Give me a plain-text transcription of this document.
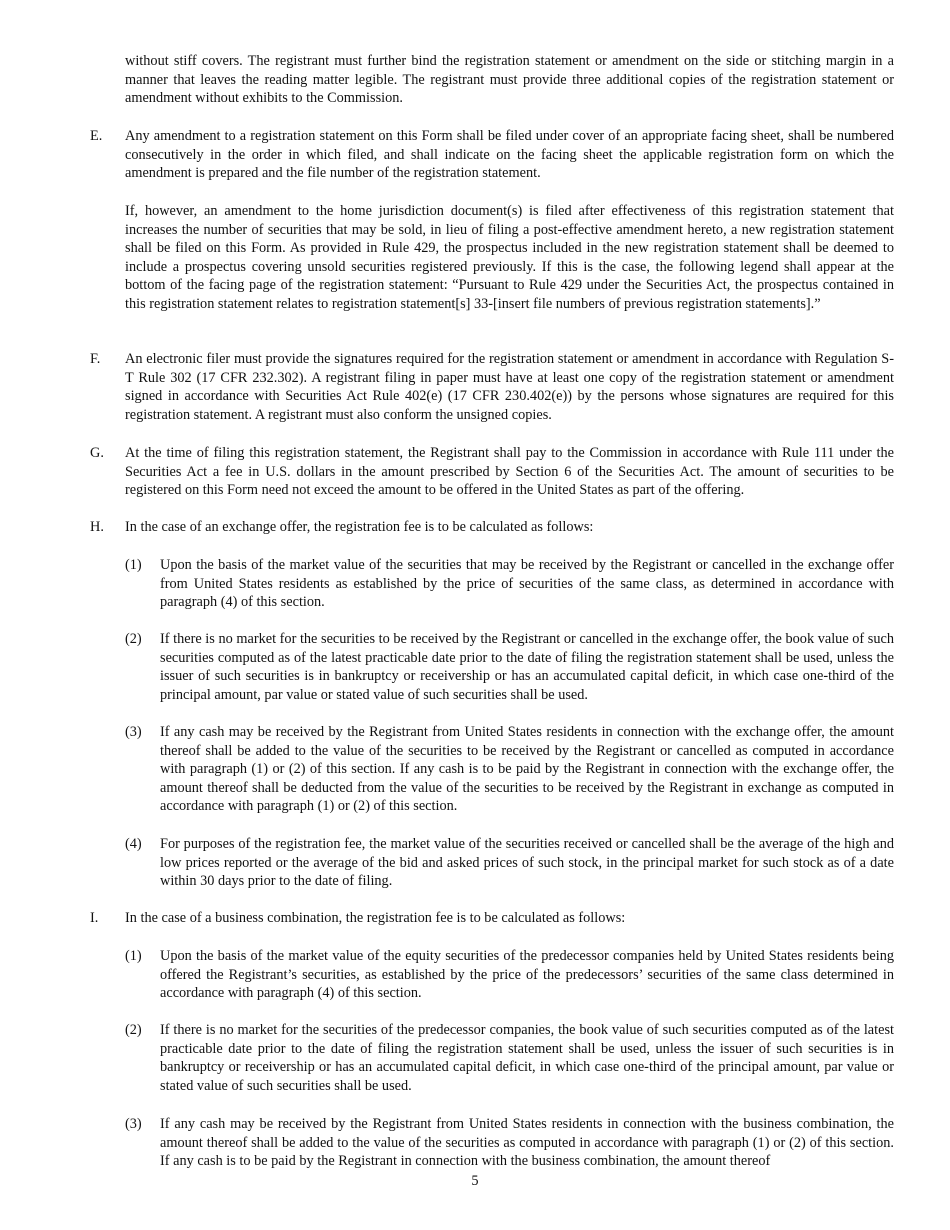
without stiff covers. The registrant must further bind the registration statement or amendment on the side or stitching margin in a manner that leaves the reading matter legible. The registrant must provide three additional copies of the registration statement or amendment without exhibits to the Commission.

E. Any amendment to a registration statement on this Form shall be filed under cover of an appropriate facing sheet, shall be numbered consecutively in the order in which filed, and shall indicate on the facing sheet the applicable registration form on which the amendment is prepared and the file number of the registration statement.

If, however, an amendment to the home jurisdiction document(s) is filed after effectiveness of this registration statement that increases the number of securities that may be sold, in lieu of filing a post-effective amendment hereto, a new registration statement shall be filed on this Form. As provided in Rule 429, the prospectus included in the new registration statement shall be deemed to include a prospectus covering unsold securities registered previously. If this is the case, the following legend shall appear at the bottom of the facing page of the registration statement: “Pursuant to Rule 429 under the Securities Act, the prospectus contained in this registration statement relates to registration statement[s] 33-[insert file numbers of previous registration statements].”

F. An electronic filer must provide the signatures required for the registration statement or amendment in accordance with Regulation S-T Rule 302 (17 CFR 232.302). A registrant filing in paper must have at least one copy of the registration statement or amendment signed in accordance with Securities Act Rule 402(e) (17 CFR 230.402(e)) by the persons whose signatures are required for this registration statement. A registrant must also conform the unsigned copies.

G. At the time of filing this registration statement, the Registrant shall pay to the Commission in accordance with Rule 111 under the Securities Act a fee in U.S. dollars in the amount prescribed by Section 6 of the Securities Act. The amount of securities to be registered on this Form need not exceed the amount to be offered in the United States as part of the offering.

H. In the case of an exchange offer, the registration fee is to be calculated as follows:

(1) Upon the basis of the market value of the securities that may be received by the Registrant or cancelled in the exchange offer from United States residents as established by the price of securities of the same class, as determined in accordance with paragraph (4) of this section.

(2) If there is no market for the securities to be received by the Registrant or cancelled in the exchange offer, the book value of such securities computed as of the latest practicable date prior to the date of filing the registration statement shall be used, unless the issuer of such securities is in bankruptcy or receivership or has an accumulated capital deficit, in which case one-third of the principal amount, par value or stated value of such securities shall be used.

(3) If any cash may be received by the Registrant from United States residents in connection with the exchange offer, the amount thereof shall be added to the value of the securities to be received by the Registrant or cancelled as computed in accordance with paragraph (1) or (2) of this section. If any cash is to be paid by the Registrant in connection with the exchange offer, the amount thereof shall be deducted from the value of the securities to be received by the Registrant in exchange as computed in accordance with paragraph (1) or (2) of this section.

(4) For purposes of the registration fee, the market value of the securities received or cancelled shall be the average of the high and low prices reported or the average of the bid and asked prices of such stock, in the principal market for such stock as of a date within 30 days prior to the date of filing.

I. In the case of a business combination, the registration fee is to be calculated as follows:

(1) Upon the basis of the market value of the equity securities of the predecessor companies held by United States residents being offered the Registrant’s securities, as established by the price of the predecessors’ securities of the same class determined in accordance with paragraph (4) of this section.

(2) If there is no market for the securities of the predecessor companies, the book value of such securities computed as of the latest practicable date prior to the date of filing the registration statement shall be used, unless the issuer of such securities is in bankruptcy or receivership or has an accumulated capital deficit, in which case one-third of the principal amount, par value or stated value of such securities shall be used.

(3) If any cash may be received by the Registrant from United States residents in connection with the business combination, the amount thereof shall be added to the value of the securities as computed in accordance with paragraph (1) or (2) of this section. If any cash is to be paid by the Registrant in connection with the business combination, the amount thereof

5
